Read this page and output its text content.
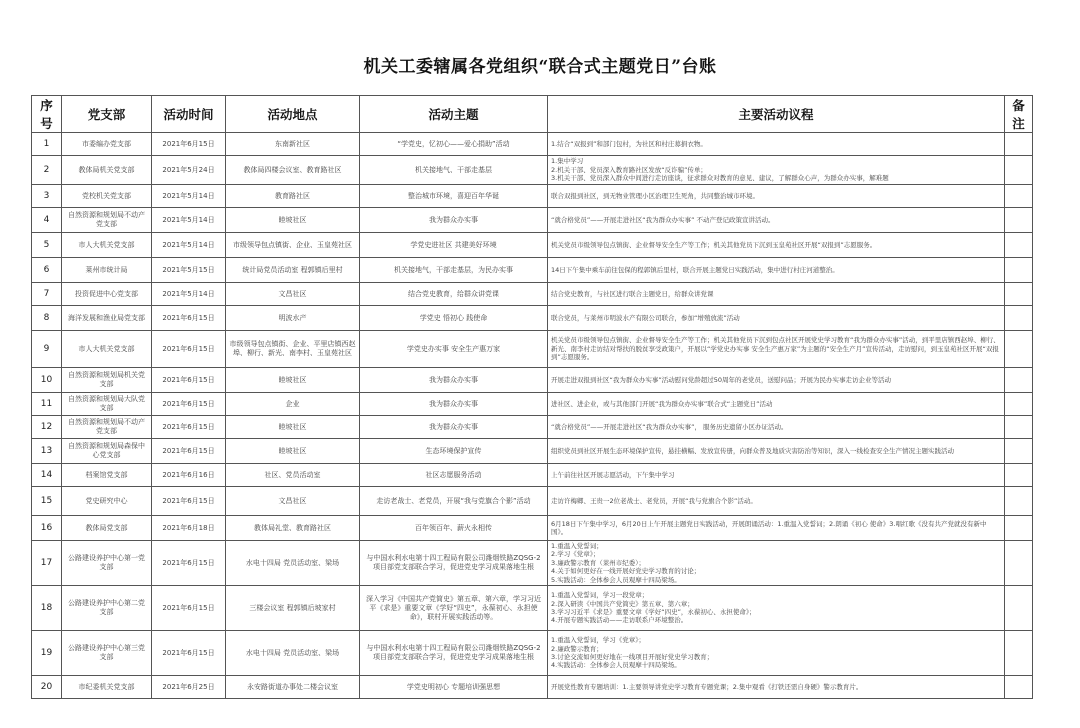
机关工委辖属各党组织“联合式主题党日”台账
序号	党支部	活动时间	活动地点	活动主题	主要活动议程	备注
1	市委编办党支部	2021年6月15日	东南新社区	“学党史，忆初心——爱心捐助”活动	1.结合“双报到”和部门包村，为社区和村庄募捐衣物。	

2	教体局机关党支部	2021年5月24日	教体局四楼会议室、教育路社区	机关接地气、干部走基层	1.集中学习
2.机关干部、党员深入教育路社区发放“反诈骗”传单；
3.机关干部、党员深入群众中间进行走访座谈，征求群众对教育的意见、建议，了解群众心声，为群众办实事，解难题	

3	党校机关党支部	2021年5月14日	教育路社区	整治城市环境，喜迎百年华诞	联合双报到社区，到无物业管理小区治理卫生死角，共同整治城市环境。	

4	自然资源和规划局不动产党支部	2021年5月14日	睦坡社区	我为群众办实事	“就合格党员”——开展走进社区“我为群众办实事” 不动产登记政策宣讲活动。	

5	市人大机关党支部	2021年5月14日	市级领导包点镇街、企业、玉皇苑社区	学党史进社区 共建美好环境	机关党员市级领导包点镇街、企业督导安全生产等工作；机关其他党员下沉到玉皇苑社区开展“双报到”志愿服务。	

6	莱州市统计局	2021年5月15日	统计局党员活动室 程郭镇后里村	机关接地气，干部走基层，为民办实事	14日下午集中乘车前往包保的程郭镇后里村，联合开展主题党日实践活动，集中进行村庄河道整治。	

7	投资促进中心党支部	2021年5月14日	文昌社区	结合党史教育，给群众讲党课	结合党史教育，与社区进行联合主题党日，给群众讲党课	

8	海洋发展和渔业局党支部	2021年6月15日	明波水产	学党史 悟初心 践使命	联合党员，与莱州市明波水产有限公司联合，参加“增殖放流”活动	

9	市人大机关党支部	2021年6月15日	市级领导包点镇街、企业、平里店镇西赵埠、柳行、新光、南李村、玉皇苑社区	学党史办实事 安全生产惠万家	机关党员市级领导包点镇街、企业督导安全生产等工作；机关其他党员下沉到包点社区开展党史学习教育“我为群众办实事”活动，到平里店镇西赵埠、柳行、新光、南李村走访结对帮扶的脱贫享受政策户，开展以“学党史办实事 安全生产惠万家”为主题的“安全生产月”宣传活动，走访慰问，到玉皇苑社区开展“双报到”志愿服务。	

10	自然资源和规划局机关党支部	2021年6月15日	睦坡社区	我为群众办实事	开展走进双报到社区“我为群众办实事”活动慰问党龄超过50周年的老党员，送慰问品；开展为民办实事走访企业等活动	

11	自然资源和规划局大队党支部	2021年6月15日	企业	我为群众办实事	进社区、进企业，或与其他部门开展“我为群众办实事”联合式“主题党日”活动	

12	自然资源和规划局不动产党支部	2021年6月15日	睦坡社区	我为群众办实事	“就合格党员”——开展走进社区“我为群众办实事”， 服务历史遗留小区办证活动。	

13	自然资源和规划局森保中心党支部	2021年6月15日	睦坡社区	生态环境保护宣传	组织党员到社区开展生态环境保护宣传，悬挂横幅、发放宣传册，向群众普及地质灾害防治等知识，深入一线检查安全生产情况主题实践活动	

14	档案馆党支部	2021年6月16日	社区、党员活动室	社区志愿服务活动	上午前往社区开展志愿活动，下午集中学习	

15	党史研究中心	2021年6月15日	文昌社区	走访老战士、老党员，开展“我与党旗合个影”活动	走访许梅卿、王贵一2位老战士、老党员，开展“我与党旗合个影”活动。	

16	教体局党支部	2021年6月18日	教体局礼堂、教育路社区	百年领百年、薪火永相传	6月18日下午集中学习，6月20日上午开展主题党日实践活动，开展朗诵活动：1.重温入党誓词；2.朗诵《初心 使命》3.唱红歌《没有共产党就没有新中国》。	

17	公路建设养护中心第一党支部	2021年6月15日	水电十四局 党员活动室、梁场	与中国水利水电第十四工程局有限公司潍烟铁路ZQSG-2项目部党支部联合学习，促进党史学习成果落地生根	1.重温入党誓词；
2.学习《党章》；
3.廉政警示教育（莱州市纪委）；
4.关于如何更好在一线开展好党史学习教育的讨论；
5.实践活动：全体参会人员观摩十四局梁场。	

18	公路建设养护中心第二党支部	2021年6月15日	三楼会议室 程郭镇后坡家村	深入学习《中国共产党简史》第五章、第六章，学习习近平《求是》重要文章《学好“四史”，永葆初心、永担使命》，联村开展实践活动等。	1.重温入党誓词，学习一段党章；
2.深入研读《中国共产党简史》第五章、第六章；
3.学习习近平《求是》重要文章《学好“四史”，永葆初心、永担使命》；
4.开展专题实践活动——走访联系户环境整治。	

19	公路建设养护中心第三党支部	2021年6月15日	水电十四局 党员活动室、梁场	与中国水利水电第十四工程局有限公司潍烟铁路ZQSG-2项目部党支部联合学习，促进党史学习成果落地生根	1.重温入党誓词，学习《党章》；
2.廉政警示教育；
3.讨论交流如何更好地在一线项目开展好党史学习教育；
4.实践活动：全体参会人员观摩十四局梁场。	

20	市纪委机关党支部	2021年6月25日	永安路街道办事处二楼会议室	学党史明初心 专题培训强思想	开展党性教育专题培训：1.主要领导讲党史学习教育专题党课；2.集中观看《打铁还需自身硬》警示教育片。	
